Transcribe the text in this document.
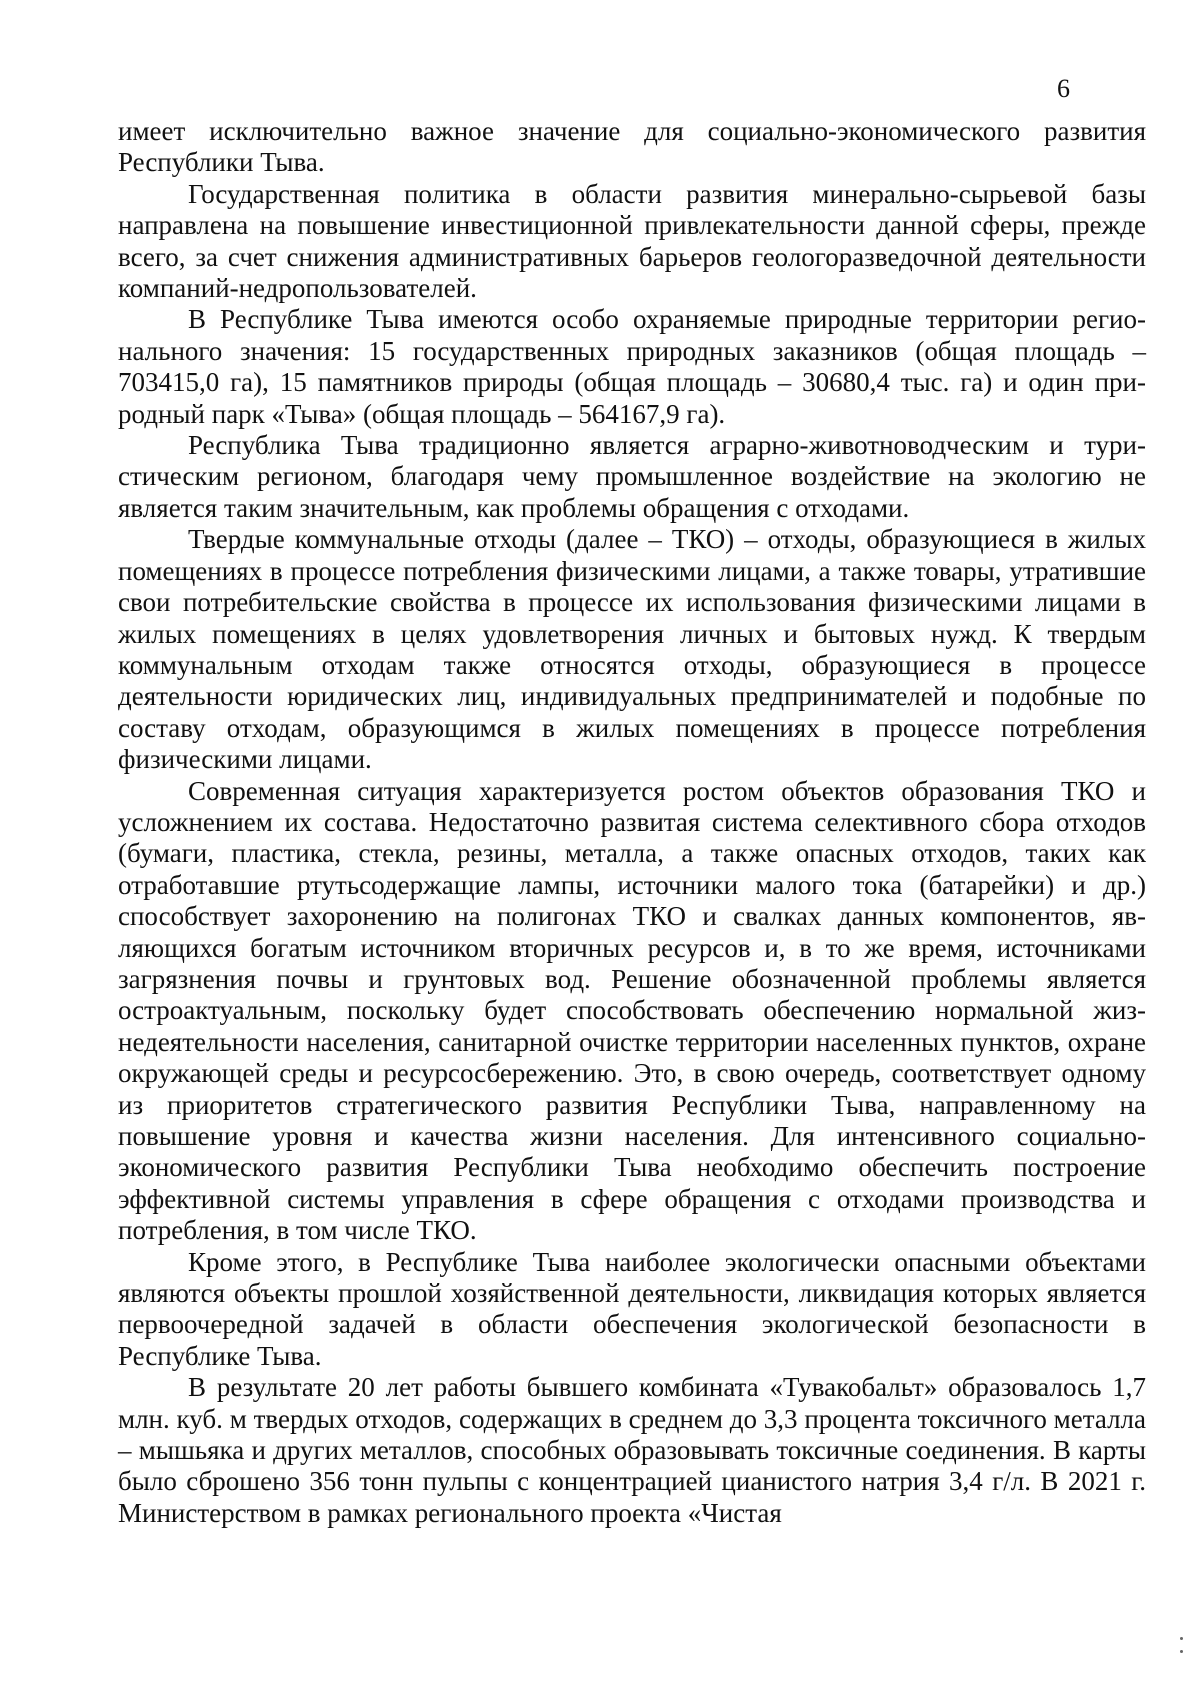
6

имеет исключительно важное значение для социально-экономического развития Республики Тыва.

Государственная политика в области развития минерально-сырьевой базы направлена на повышение инвестиционной привлекательности данной сферы, прежде всего, за счет снижения административных барьеров геологоразведочной деятельности компаний-недропользователей.

В Республике Тыва имеются особо охраняемые природные территории регионального значения: 15 государственных природных заказников (общая площадь – 703415,0 га), 15 памятников природы (общая площадь – 30680,4 тыс. га) и один природный парк «Тыва» (общая площадь – 564167,9 га).

Республика Тыва традиционно является аграрно-животноводческим и туристическим регионом, благодаря чему промышленное воздействие на экологию не является таким значительным, как проблемы обращения с отходами.

Твердые коммунальные отходы (далее – ТКО) – отходы, образующиеся в жилых помещениях в процессе потребления физическими лицами, а также товары, утратившие свои потребительские свойства в процессе их использования физическими лицами в жилых помещениях в целях удовлетворения личных и бытовых нужд. К твердым коммунальным отходам также относятся отходы, образующиеся в процессе деятельности юридических лиц, индивидуальных предпринимателей и подобные по составу отходам, образующимся в жилых помещениях в процессе потребления физическими лицами.

Современная ситуация характеризуется ростом объектов образования ТКО и усложнением их состава. Недостаточно развитая система селективного сбора отходов (бумаги, пластика, стекла, резины, металла, а также опасных отходов, таких как отработавшие ртутьсодержащие лампы, источники малого тока (батарейки) и др.) способствует захоронению на полигонах ТКО и свалках данных компонентов, являющихся богатым источником вторичных ресурсов и, в то же время, источниками загрязнения почвы и грунтовых вод. Решение обозначенной проблемы является остроактуальным, поскольку будет способствовать обеспечению нормальной жизнедеятельности населения, санитарной очистке территории населенных пунктов, охране окружающей среды и ресурсосбережению. Это, в свою очередь, соответствует одному из приоритетов стратегического развития Республики Тыва, направленному на повышение уровня и качества жизни населения. Для интенсивного социально-экономического развития Республики Тыва необходимо обеспечить построение эффективной системы управления в сфере обращения с отходами производства и потребления, в том числе ТКО.

Кроме этого, в Республике Тыва наиболее экологически опасными объектами являются объекты прошлой хозяйственной деятельности, ликвидация которых является первоочередной задачей в области обеспечения экологической безопасности в Республике Тыва.

В результате 20 лет работы бывшего комбината «Тувакобальт» образовалось 1,7 млн. куб. м твердых отходов, содержащих в среднем до 3,3 процента токсичного металла – мышьяка и других металлов, способных образовывать токсичные соединения. В карты было сброшено 356 тонн пульпы с концентрацией цианистого натрия 3,4 г/л. В 2021 г. Министерством в рамках регионального проекта «Чистая
